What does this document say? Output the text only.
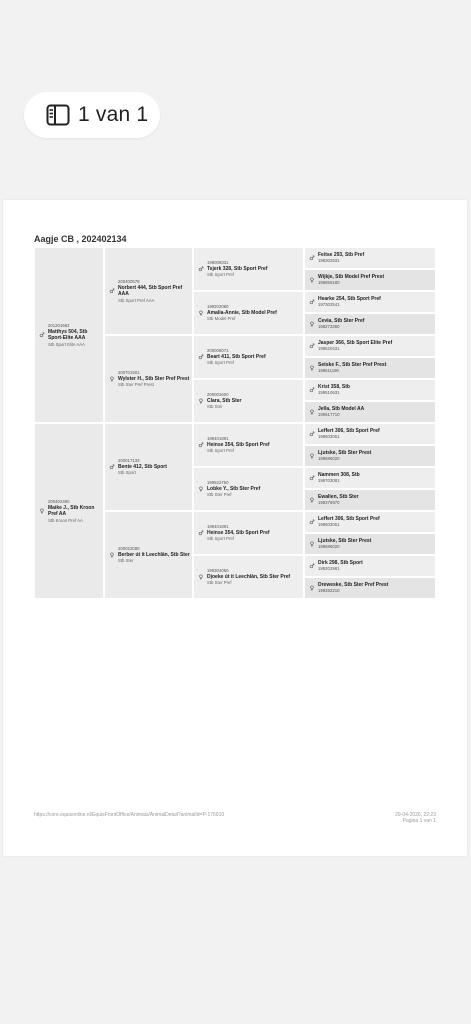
1 van 1
Aagje CB , 202402134
♂
201201682
Matthys 504, Stb Sport-Elite AAA
Stb Sport Elite AAA
♀
200402490
Maike J., Stb Kroon Pref AA
Stb Kroon Pref AA
♂
200400578
Norbert 444, Stb Sport Pref AAA
Stb Sport Pref AAA
♀
200701501
Wylster H., Stb Ster Pref Prest
Stb Ster Pref Prest
♂
200017133
Bente 412, Stb Sport
Stb Sport
♀
200022080
Berber út it Leechlân, Stb Ster
Stb Ster
♂
199008331
Tsjerk 328, Stb Sport Pref
Stb Sport Pref
♀
199202080
Amalia-Annie, Stb Model Pref
Stb Model Pref
♂
200008071
Beart 411, Stb Sport Pref
Stb Sport Pref
♀
200002600
Clara, Stb Ster
Stb Ster
♂
199401891
Heinse 354, Stb Sport Pref
Stb Sport Pref
♀
199522750
Lobke Y., Stb Ster Pref
Stb Ster Pref
♂
199401891
Heinse 354, Stb Sport Pref
Stb Sport Pref
♀
199304050
Djoeke út it Leechlân, Stb Ster Pref
Stb Ster Pref
♂ Feitse 293, Stb Pref
198302931
♀ Wijkje, Stb Model Pref Prest
196855180
♂ Hearke 254, Stb Sport Pref
197302541
♀ Cevia, Stb Ster Pref
198273460
♂ Jasper 366, Stb Sport Elite Pref
199520431
♀ Setske F., Stb Ster Pref Prest
198511190
♂ Krist 358, Stb
199510631
♀ Jella, Stb Model AA
199517710
♂ Leffert 306, Stb Sport Pref
198603061
♀ Ljutske, Stb Ster Prest
198686020
♂ Nammen 308, Stb
198703081
♀ Ewalien, Stb Ster
198376970
♂ Leffert 306, Stb Sport Pref
198603061
♀ Ljutske, Stb Ster Prest
198686020
♂ Dirk 298, Stb Sport
198202981
♀ Dreweske, Stb Ster Pref Prest
198282210
https://core.equisonline.nl/EquisFrontOffice/Animals/AnimalDetail?animalId=P-176910	29-04-2026, 22:23
Pagina 1 van 1
